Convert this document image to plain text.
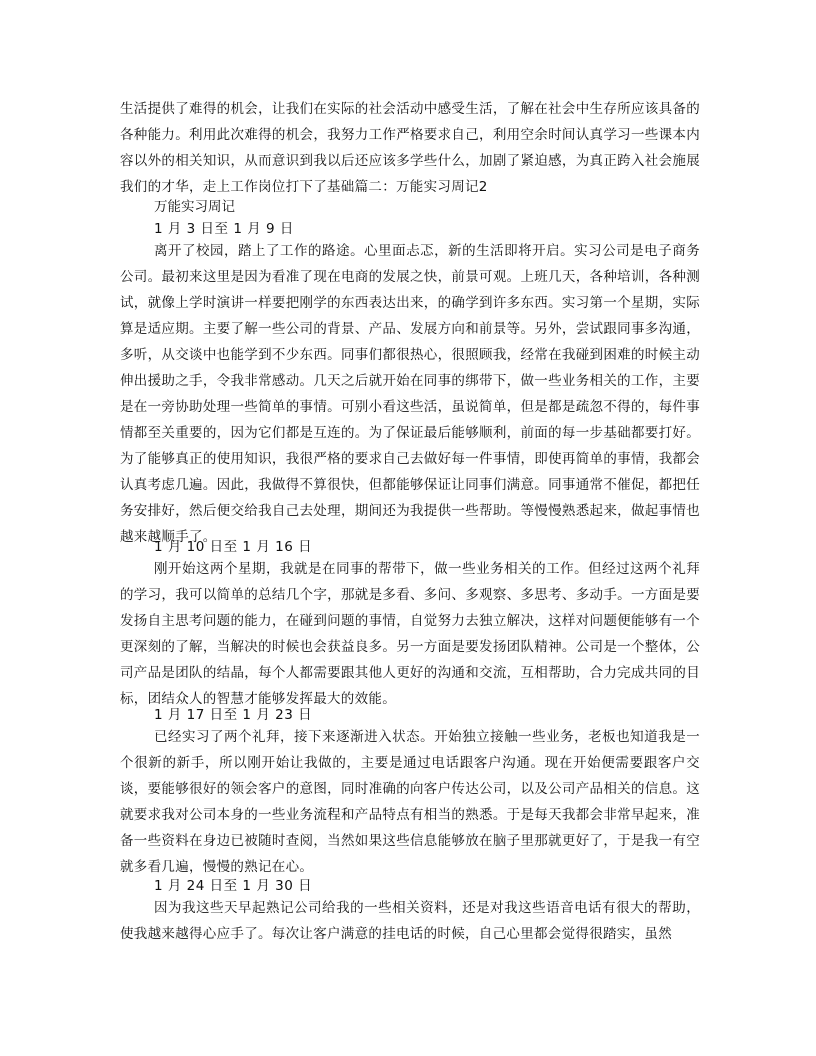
生活提供了难得的机会，让我们在实际的社会活动中感受生活，了解在社会中生存所应该具备的各种能力。利用此次难得的机会，我努力工作严格要求自己，利用空余时间认真学习一些课本内容以外的相关知识，从而意识到我以后还应该多学些什么，加剧了紧迫感，为真正跨入社会施展我们的才华，走上工作岗位打下了基础篇二：万能实习周记2

万能实习周记
1 月 3 日至 1 月 9 日

离开了校园，踏上了工作的路途。心里面忐忑，新的生活即将开启。实习公司是电子商务公司。最初来这里是因为看准了现在电商的发展之快，前景可观。上班几天，各种培训，各种测试，就像上学时演讲一样要把刚学的东西表达出来，的确学到许多东西。实习第一个星期，实际算是适应期。主要了解一些公司的背景、产品、发展方向和前景等。另外，尝试跟同事多沟通，多听，从交谈中也能学到不少东西。同事们都很热心，很照顾我，经常在我碰到困难的时候主动伸出援助之手，令我非常感动。几天之后就开始在同事的绑带下，做一些业务相关的工作，主要是在一旁协助处理一些简单的事情。可别小看这些活，虽说简单，但是都是疏忽不得的，每件事情都至关重要的，因为它们都是互连的。为了保证最后能够顺利，前面的每一步基础都要打好。为了能够真正的使用知识，我很严格的要求自己去做好每一件事情，即使再简单的事情，我都会认真考虑几遍。因此，我做得不算很快，但都能够保证让同事们满意。同事通常不催促，都把任务安排好，然后便交给我自己去处理，期间还为我提供一些帮助。等慢慢熟悉起来，做起事情也越来越顺手了。

1 月 10 日至 1 月 16 日

刚开始这两个星期，我就是在同事的帮带下，做一些业务相关的工作。但经过这两个礼拜的学习，我可以简单的总结几个字，那就是多看、多问、多观察、多思考、多动手。一方面是要发扬自主思考问题的能力，在碰到问题的事情，自觉努力去独立解决，这样对问题便能够有一个更深刻的了解，当解决的时候也会获益良多。另一方面是要发扬团队精神。公司是一个整体，公司产品是团队的结晶，每个人都需要跟其他人更好的沟通和交流，互相帮助，合力完成共同的目标，团结众人的智慧才能够发挥最大的效能。

1 月 17 日至 1 月 23 日

已经实习了两个礼拜，接下来逐渐进入状态。开始独立接触一些业务，老板也知道我是一个很新的新手，所以刚开始让我做的，主要是通过电话跟客户沟通。现在开始便需要跟客户交谈，要能够很好的领会客户的意图，同时准确的向客户传达公司，以及公司产品相关的信息。这就要求我对公司本身的一些业务流程和产品特点有相当的熟悉。于是每天我都会非常早起来，准备一些资料在身边已被随时查阅，当然如果这些信息能够放在脑子里那就更好了，于是我一有空就多看几遍，慢慢的熟记在心。

1 月 24 日至 1 月 30 日

因为我这些天早起熟记公司给我的一些相关资料，还是对我这些语音电话有很大的帮助，使我越来越得心应手了。每次让客户满意的挂电话的时候，自己心里都会觉得很踏实，虽然
